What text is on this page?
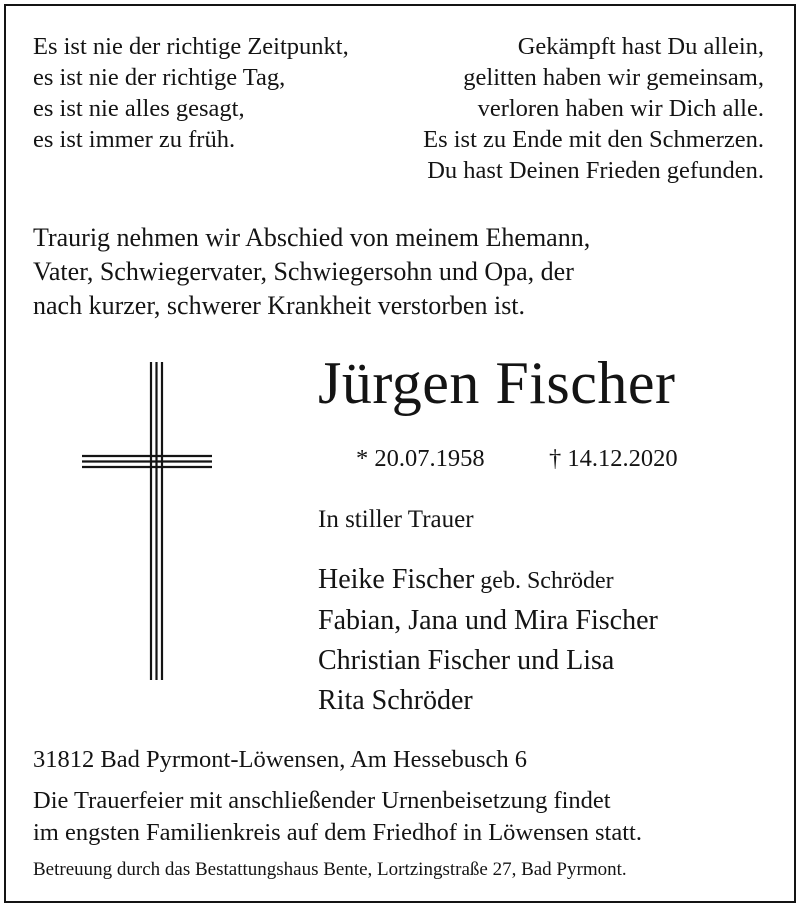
Es ist nie der richtige Zeitpunkt,
es ist nie der richtige Tag,
es ist nie alles gesagt,
es ist immer zu früh.
Gekämpft hast Du allein,
gelitten haben wir gemeinsam,
verloren haben wir Dich alle.
Es ist zu Ende mit den Schmerzen.
Du hast Deinen Frieden gefunden.
Traurig nehmen wir Abschied von meinem Ehemann,
Vater, Schwiegervater, Schwiegersohn und Opa, der
nach kurzer, schwerer Krankheit verstorben ist.
Jürgen Fischer
* 20.07.1958	† 14.12.2020
In stiller Trauer
Heike Fischer geb. Schröder
Fabian, Jana und Mira Fischer
Christian Fischer und Lisa
Rita Schröder
31812 Bad Pyrmont-Löwensen, Am Hessebusch 6
Die Trauerfeier mit anschließender Urnenbeisetzung findet
im engsten Familienkreis auf dem Friedhof in Löwensen statt.
Betreuung durch das Bestattungshaus Bente, Lortzingstraße 27, Bad Pyrmont.
